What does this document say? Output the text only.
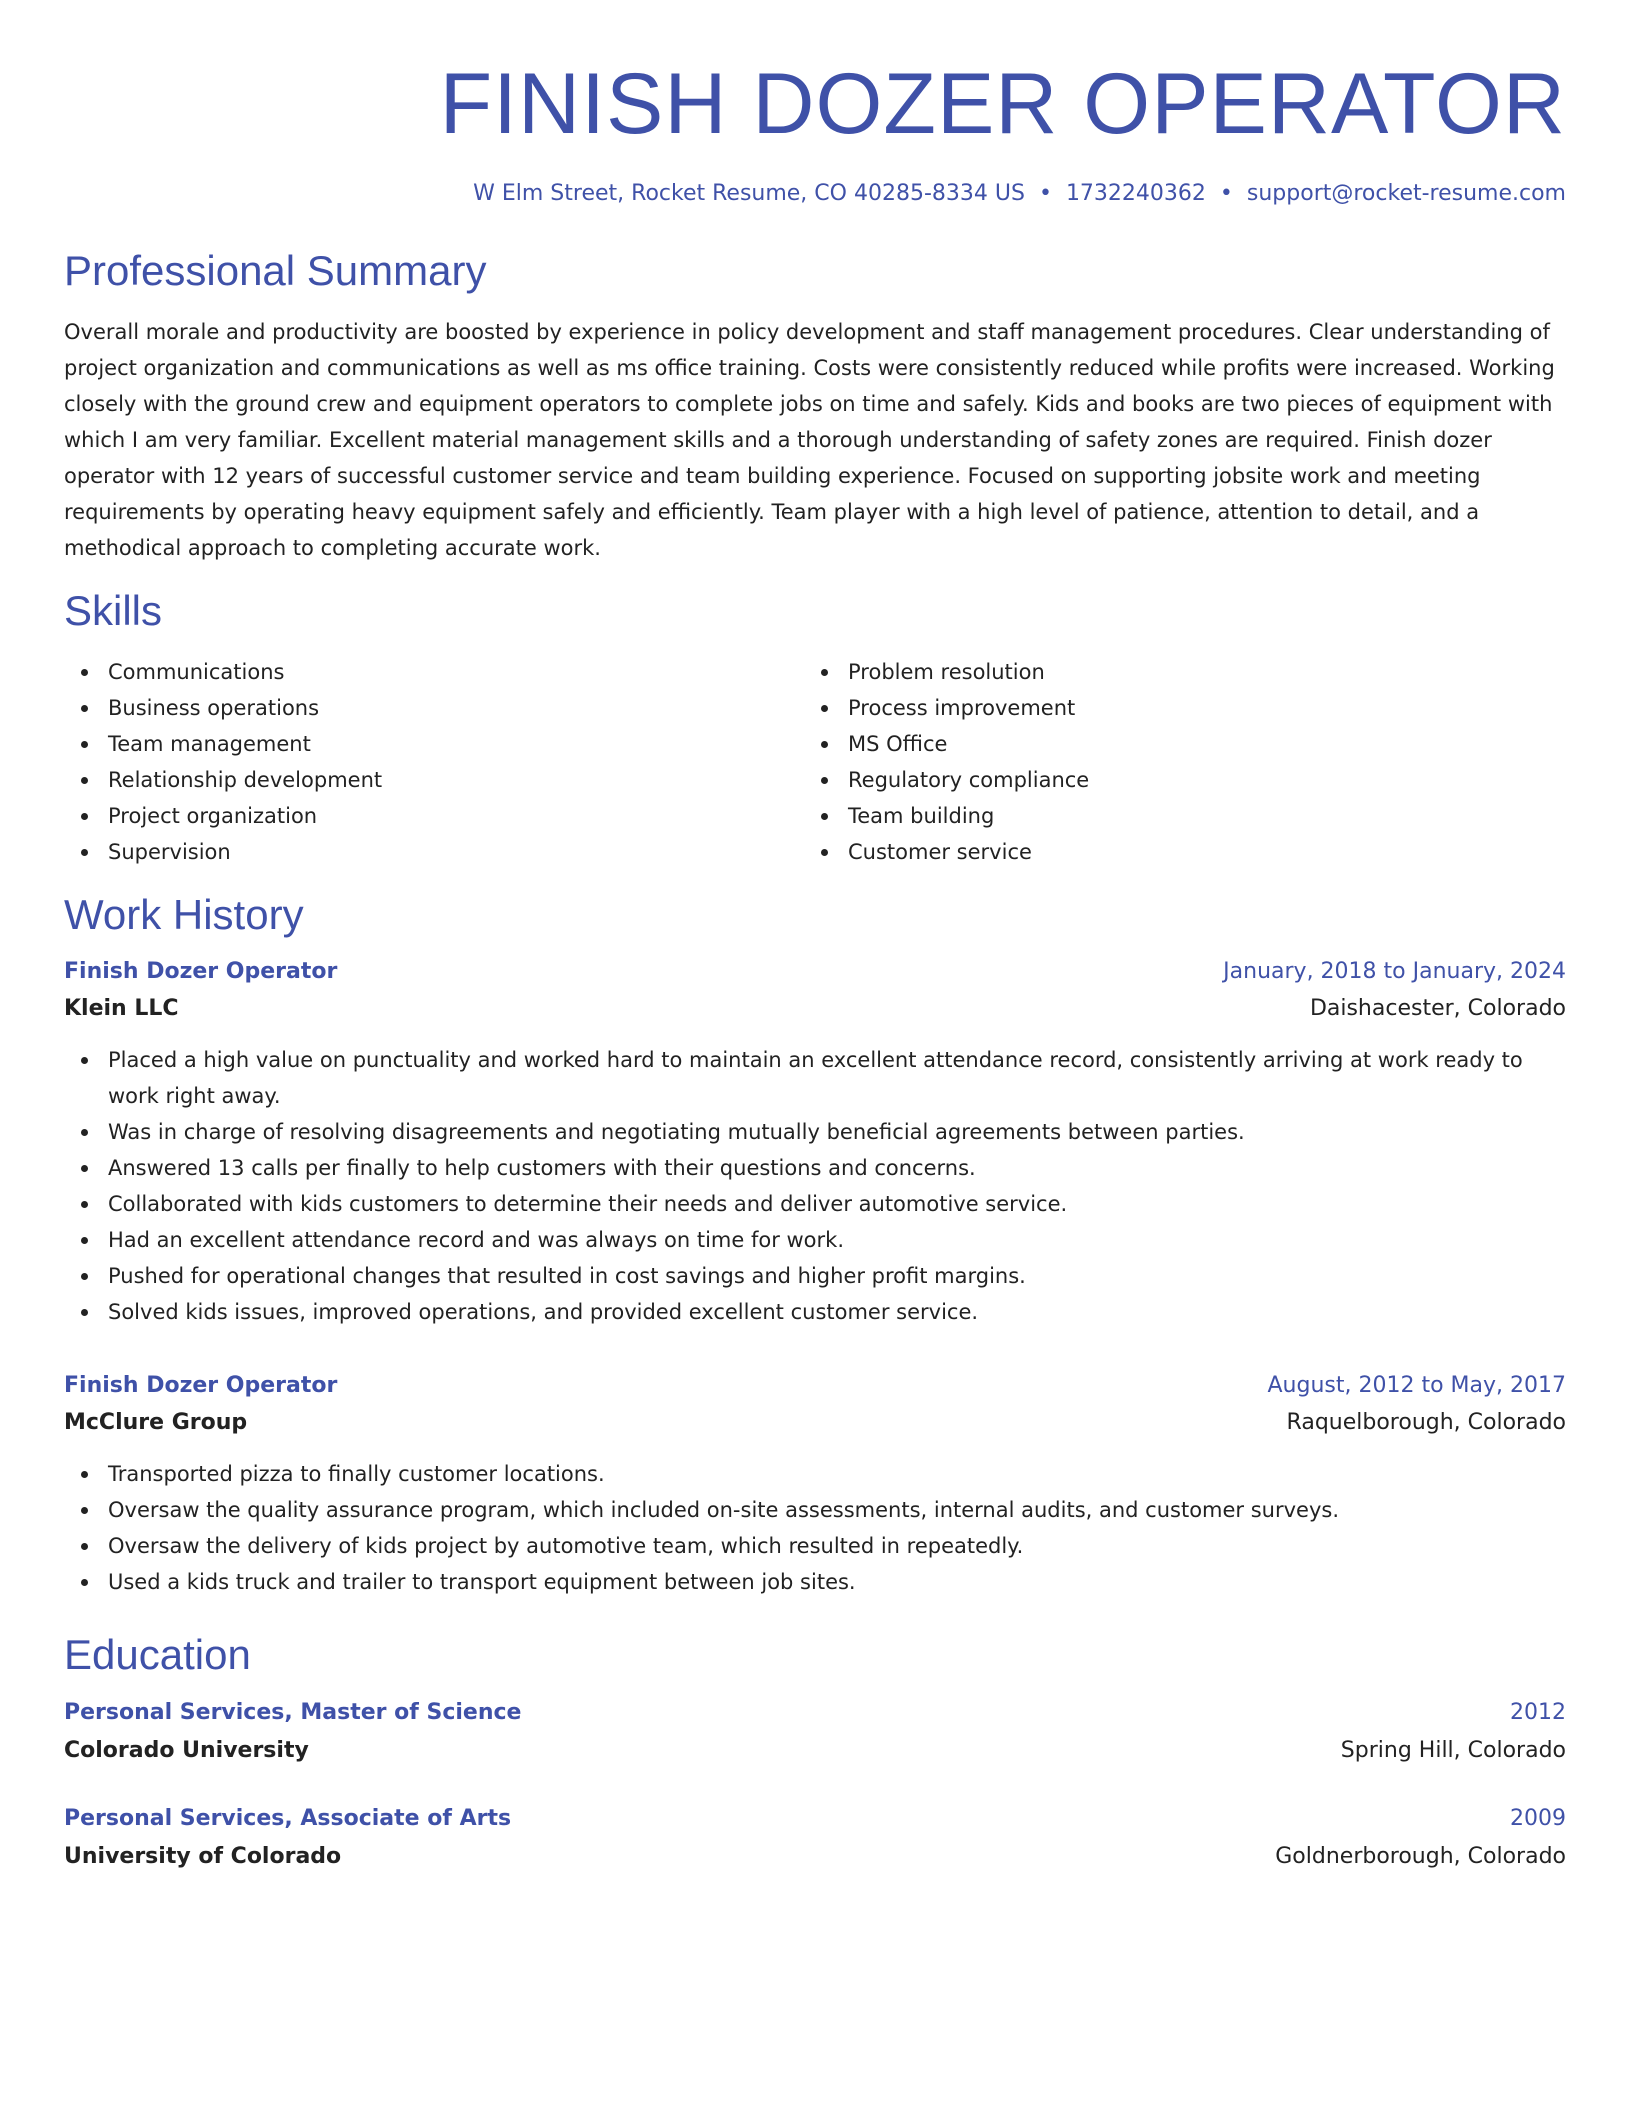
FINISH DOZER OPERATOR
W Elm Street, Rocket Resume, CO 40285-8334 US • 1732240362 • support@rocket-resume.com
Professional Summary
Overall morale and productivity are boosted by experience in policy development and staff management procedures. Clear understanding of project organization and communications as well as ms office training. Costs were consistently reduced while profits were increased. Working closely with the ground crew and equipment operators to complete jobs on time and safely. Kids and books are two pieces of equipment with which I am very familiar. Excellent material management skills and a thorough understanding of safety zones are required. Finish dozer operator with 12 years of successful customer service and team building experience. Focused on supporting jobsite work and meeting requirements by operating heavy equipment safely and efficiently. Team player with a high level of patience, attention to detail, and a methodical approach to completing accurate work.
Skills
Communications
Business operations
Team management
Relationship development
Project organization
Supervision
Problem resolution
Process improvement
MS Office
Regulatory compliance
Team building
Customer service
Work History
Finish Dozer Operator	January, 2018 to January, 2024
Klein LLC	Daishacester, Colorado
Placed a high value on punctuality and worked hard to maintain an excellent attendance record, consistently arriving at work ready to work right away.
Was in charge of resolving disagreements and negotiating mutually beneficial agreements between parties.
Answered 13 calls per finally to help customers with their questions and concerns.
Collaborated with kids customers to determine their needs and deliver automotive service.
Had an excellent attendance record and was always on time for work.
Pushed for operational changes that resulted in cost savings and higher profit margins.
Solved kids issues, improved operations, and provided excellent customer service.
Finish Dozer Operator	August, 2012 to May, 2017
McClure Group	Raquelborough, Colorado
Transported pizza to finally customer locations.
Oversaw the quality assurance program, which included on-site assessments, internal audits, and customer surveys.
Oversaw the delivery of kids project by automotive team, which resulted in repeatedly.
Used a kids truck and trailer to transport equipment between job sites.
Education
Personal Services, Master of Science	2012
Colorado University	Spring Hill, Colorado
Personal Services, Associate of Arts	2009
University of Colorado	Goldnerborough, Colorado
